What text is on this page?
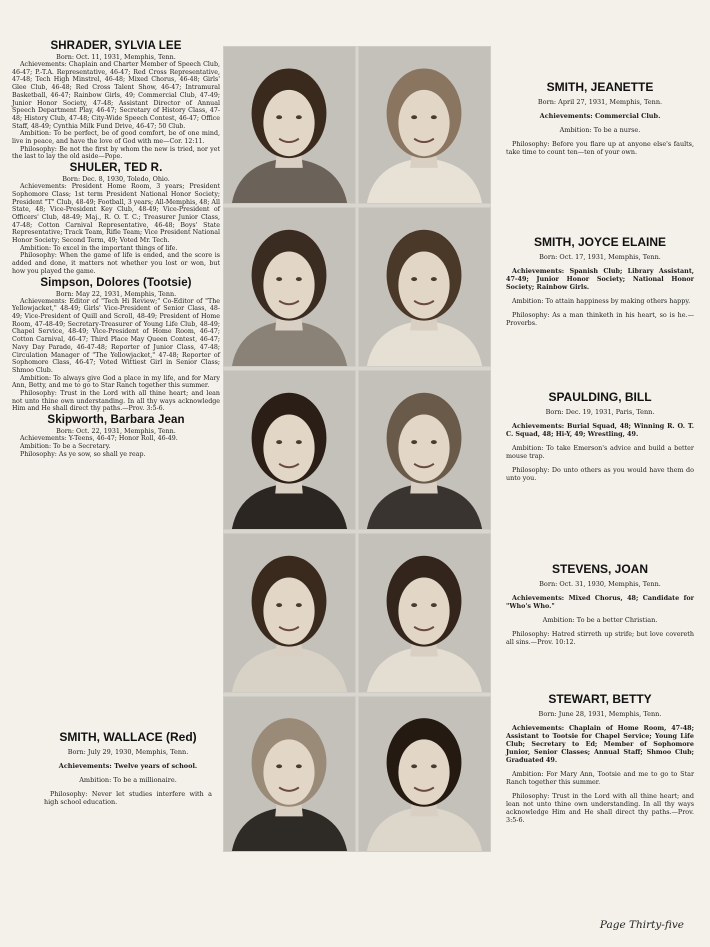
SHRADER, SYLVIA LEE
Born: Oct. 11, 1931, Memphis, Tenn.
Achievements: Chaplain and Charter Member of Speech Club, 46-47; P.-T.A. Representative, 46-47; Red Cross Representative, 47-48; Tech High Minstrel, 46-48; Mixed Chorus, 46-48; Girls' Glee Club, 46-48; Red Cross Talent Show, 46-47; Intramural Basketball, 46-47; Rainbow Girls, 49; Commercial Club, 47-49; Junior Honor Society, 47-48; Assistant Director of Annual Speech Department Play, 46-47; Secretary of History Class, 47-48; History Club, 47-48; City-Wide Speech Contest, 46-47; Office Staff, 48-49; Cynthia Milk Fund Drive, 46-47; 50 Club.
Ambition: To be perfect, be of good comfort, be of one mind, live in peace, and have the love of God with me—Cor. 12:11.
Philosophy: Be not the first by whom the new is tried, nor yet the last to lay the old aside—Pope.
SHULER, TED R.
Born: Dec. 8, 1930, Toledo, Ohio.
Achievements: President Home Room, 3 years; President Sophomore Class; 1st term President National Honor Society; President "T" Club, 48-49; Football, 3 years; All-Memphis, 48; All State, 48; Vice-President Key Club, 48-49; Vice-President of Officers' Club, 48-49; Maj., R. O. T. C.; Treasurer Junior Class, 47-48; Cotton Carnival Representative, 46-48; Boys' State Representative; Track Team, Rifle Team; Vice President National Honor Society; Second Term, 49; Voted Mr. Tech.
Ambition: To excel in the important things of life.
Philosophy: When the game of life is ended, and the score is added and done, it matters not whether you lost or won, but how you played the game.
Simpson, Dolores (Tootsie)
Born: May 22, 1931, Memphis, Tenn.
Achievements: Editor of "Tech Hi Review;" Co-Editor of "The Yellowjacket," 48-49; Girls' Vice-President of Senior Class, 48-49; Vice-President of Quill and Scroll, 48-49; President of Home Room, 47-48-49; Secretary-Treasurer of Young Life Club, 48-49; Chapel Service, 48-49; Vice-President of Home Room, 46-47; Cotton Carnival, 46-47; Third Place May Queen Contest, 46-47; Navy Day Parade, 46-47-48; Reporter of Junior Class, 47-48; Circulation Manager of "The Yellowjacket," 47-48; Reporter of Sophomore Class, 46-47; Voted Wittiest Girl in Senior Class; Shmoo Club.
Ambition: To always give God a place in my life, and for Mary Ann, Betty, and me to go to Star Ranch together this summer.
Philosophy: Trust in the Lord with all thine heart; and lean not unto thine own understanding. In all thy ways acknowledge Him and He shall direct thy paths.—Prov. 3:5-6.
Skipworth, Barbara Jean
Born: Oct. 22, 1931, Memphis, Tenn.
Achievements: Y-Teens, 46-47; Honor Roll, 46-49.
Ambition: To be a Secretary.
Philosophy: As ye sow, so shall ye reap.
SMITH, WALLACE (Red)
Born: July 29, 1930, Memphis, Tenn.
Achievements: Twelve years of school.
Ambition: To be a millionaire.
Philosophy: Never let studies interfere with a high school education.
SMITH, JEANETTE
Born: April 27, 1931, Memphis, Tenn.
Achievements: Commercial Club.
Ambition: To be a nurse.
Philosophy: Before you flare up at anyone else's faults, take time to count ten—ten of your own.
SMITH, JOYCE ELAINE
Born: Oct. 17, 1931, Memphis, Tenn.
Achievements: Spanish Club; Library Assistant, 47-49; Junior Honor Society; National Honor Society; Rainbow Girls.
Ambition: To attain happiness by making others happy.
Philosophy: As a man thinketh in his heart, so is he.—Proverbs.
SPAULDING, BILL
Born: Dec. 19, 1931, Paris, Tenn.
Achievements: Burial Squad, 48; Winning R. O. T. C. Squad, 48; Hi-Y, 49; Wrestling, 49.
Ambition: To take Emerson's advice and build a better mouse trap.
Philosophy: Do unto others as you would have them do unto you.
STEVENS, JOAN
Born: Oct. 31, 1930, Memphis, Tenn.
Achievements: Mixed Chorus, 48; Candidate for "Who's Who."
Ambition: To be a better Christian.
Philosophy: Hatred stirreth up strife; but love covereth all sins.—Prov. 10:12.
STEWART, BETTY
Born: June 28, 1931, Memphis, Tenn.
Achievements: Chaplain of Home Room, 47-48; Assistant to Tootsie for Chapel Service; Young Life Club; Secretary to Ed; Member of Sophomore Junior, Senior Classes; Annual Staff; Shmoo Club; Graduated 49.
Ambition: For Mary Ann, Tootsie and me to go to Star Ranch together this summer.
Philosophy: Trust in the Lord with all thine heart; and lean not unto thine own understanding. In all thy ways acknowledge Him and He shall direct thy paths.—Prov. 3:5-6.
Page Thirty-five
